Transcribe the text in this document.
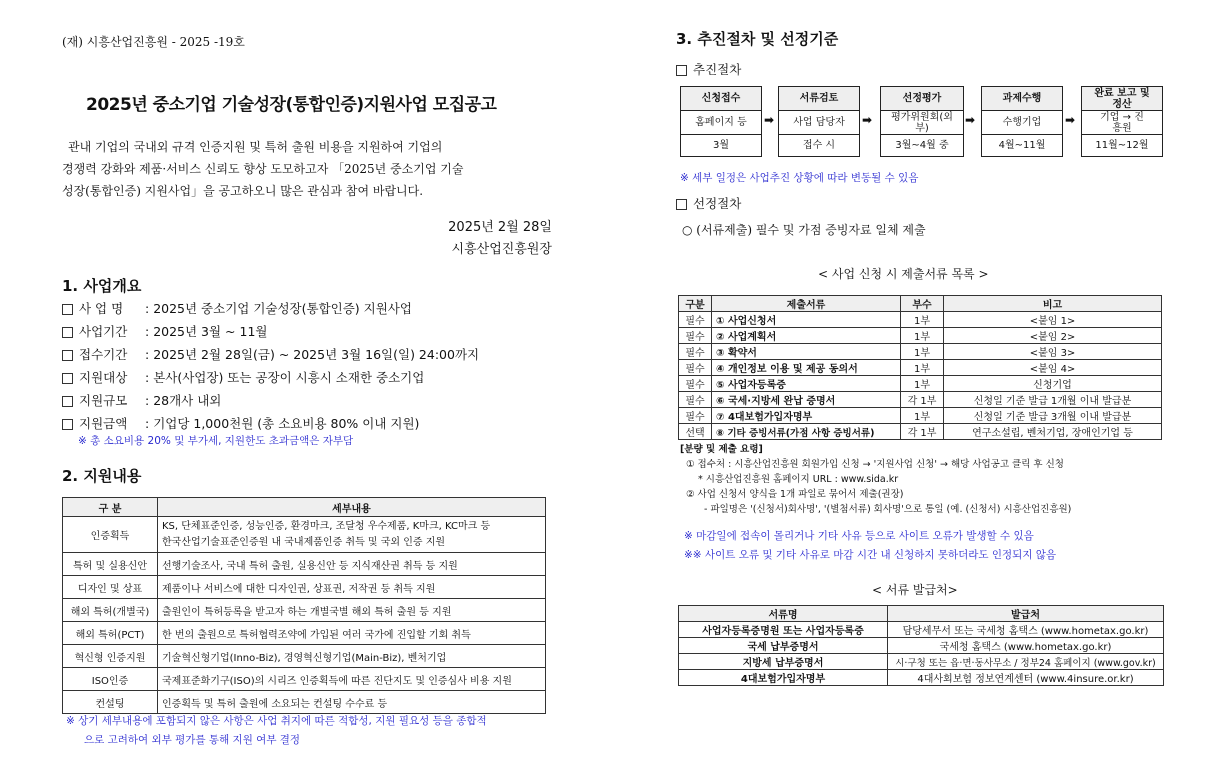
(재) 시흥산업진흥원 - 2025 -19호
2025년 중소기업 기술성장(통합인증)지원사업 모집공고
관내 기업의 국내외 규격 인증지원 및 특허 출원 비용을 지원하여 기업의
경쟁력 강화와 제품·서비스 신뢰도 향상 도모하고자 「2025년 중소기업 기술
성장(통합인증) 지원사업」을 공고하오니 많은 관심과 참여 바랍니다.
2025년 2월 28일
시흥산업진흥원장
1. 사업개요
사 업 명 : 2025년 중소기업 기술성장(통합인증) 지원사업
사업기간 : 2025년 3월 ~ 11월
접수기간 : 2025년 2월 28일(금) ~ 2025년 3월 16일(일) 24:00까지
지원대상 : 본사(사업장) 또는 공장이 시흥시 소재한 중소기업
지원규모 : 28개사 내외
지원금액 : 기업당 1,000천원 (총 소요비용 80% 이내 지원)
※ 총 소요비용 20% 및 부가세, 지원한도 초과금액은 자부담
2. 지원내용
구 분	세부내용
인증획득	KS, 단체표준인증, 성능인증, 환경마크, 조달청 우수제품, K마크, KC마크 등
한국산업기술표준인증원 내 국내제품인증 취득 및 국외 인증 지원

특허 및 실용신안	선행기술조사, 국내 특허 출원, 실용신안 등 지식재산권 취득 등 지원
디자인 및 상표	제품이나 서비스에 대한 디자인권, 상표권, 저작권 등 취득 지원
해외 특허(개별국)	출원인이 특허등록을 받고자 하는 개별국별 해외 특허 출원 등 지원
해외 특허(PCT)	한 번의 출원으로 특허협력조약에 가입된 여러 국가에 진입할 기회 취득
혁신형 인증지원	기술혁신형기업(Inno-Biz), 경영혁신형기업(Main-Biz), 벤처기업
ISO인증	국제표준화기구(ISO)의 시리즈 인증획득에 따른 진단지도 및 인증심사 비용 지원
컨설팅	인증획득 및 특허 출원에 소요되는 컨설팅 수수료 등
※ 상기 세부내용에 포함되지 않은 사항은 사업 취지에 따른 적합성, 지원 필요성 등을 종합적
으로 고려하여 외부 평가를 통해 지원 여부 결정
3. 추진절차 및 선정기준
추진절차
신청접수
홈페이지 등
3월
➡
서류검토
사업 담당자
접수 시
➡
선정평가
평가위원회(외부)
3월~4월 중
➡
과제수행
수행기업
4월~11월
➡
완료 보고 및 정산
기업 → 진흥원
11월~12월
※ 세부 일정은 사업추진 상황에 따라 변동될 수 있음
선정절차
○ (서류제출) 필수 및 가점 증빙자료 일체 제출
< 사업 신청 시 제출서류 목록 >
구분	제출서류	부수	비고
필수	① 사업신청서	1부	<붙임 1>
필수	② 사업계획서	1부	<붙임 2>
필수	③ 확약서	1부	<붙임 3>
필수	④ 개인정보 이용 및 제공 동의서	1부	<붙임 4>
필수	⑤ 사업자등록증	1부	신청기업
필수	⑥ 국세·지방세 완납 증명서	각 1부	신청일 기준 발급 1개월 이내 발급분
필수	⑦ 4대보험가입자명부	1부	신청일 기준 발급 3개월 이내 발급분
선택	⑧ 기타 증빙서류(가점 사항 증빙서류)	각 1부	연구소설립, 벤처기업, 장애인기업 등
[분량 및 제출 요령]
① 접수처 : 시흥산업진흥원 회원가입 신청 → '지원사업 신청' → 해당 사업공고 클릭 후 신청
* 시흥산업진흥원 홈페이지 URL : www.sida.kr
② 사업 신청서 양식을 1개 파일로 묶어서 제출(권장)
- 파일명은 '(신청서)회사명', '(별첨서류) 회사명'으로 통일 (예. (신청서) 시흥산업진흥원)
※ 마감일에 접속이 몰리거나 기타 사유 등으로 사이트 오류가 발생할 수 있음
※※ 사이트 오류 및 기타 사유로 마감 시간 내 신청하지 못하더라도 인정되지 않음
< 서류 발급처>
서류명	발급처
사업자등록증명원 또는 사업자등록증	담당세무서 또는 국세청 홈택스 (www.hometax.go.kr)
국세 납부증명서	국세청 홈택스 (www.hometax.go.kr)
지방세 납부증명서	시·구청 또는 읍·면·동사무소 / 정부24 홈페이지 (www.gov.kr)
4대보험가입자명부	4대사회보험 정보연계센터 (www.4insure.or.kr)
